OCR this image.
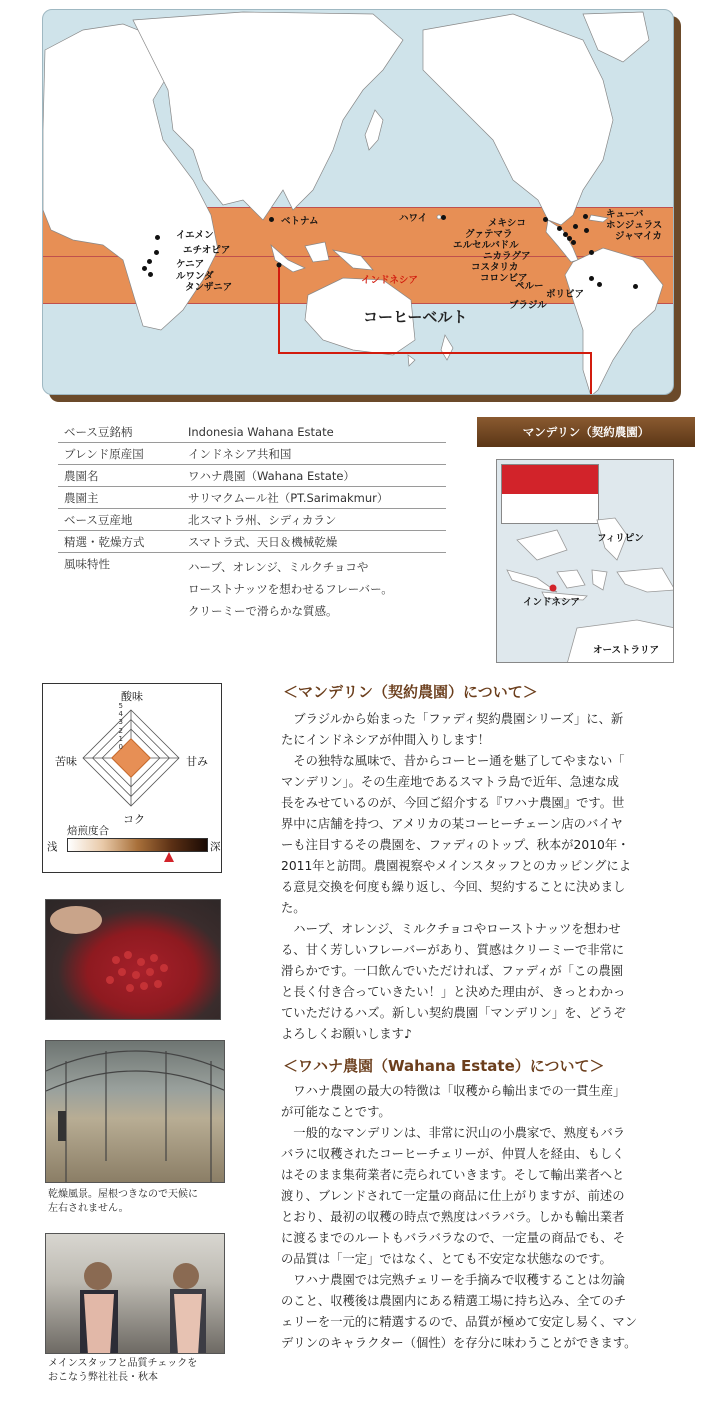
イエメン
エチオピア
ケニア
ルワンダ
タンザニア
ベトナム
インドネシア
ハワイ	メキシコ
グァテマラ
エルセルバドル
ニカラグア
コスタリカ
コロンビア
キューバ
ホンジュラス
ジャマイカ
ペルー
ボリビア
ブラジル
コーヒーベルト
マンデリン（契約農園）
ベース豆銘柄	Indonesia Wahana Estate
ブレンド原産国	インドネシア共和国
農園名	ワハナ農園（Wahana Estate）
農園主	サリマクムール社（PT.Sarimakmur）
ベース豆産地	北スマトラ州、シディカラン
精選・乾燥方式	スマトラ式、天日＆機械乾燥
風味特性	ハーブ、オレンジ、ミルクチョコや
ローストナッツを想わせるフレーバー。
クリーミーで滑らかな質感。
フィリピン
インドネシア
オーストラリア
酸味
甘み
コク
苦味
5
4
3
2
1
0
焙煎度合
浅	深
乾燥風景。屋根つきなので天候に
左右されません。
メインスタッフと品質チェックを
おこなう弊社社長・秋本
＜マンデリン（契約農園）について＞
ブラジルから始まった「ファディ契約農園シリーズ」に、新
たにインドネシアが仲間入りします！
その独特な風味で、昔からコーヒー通を魅了してやまない「
マンデリン」。その生産地であるスマトラ島で近年、急速な成
長をみせているのが、今回ご紹介する『ワハナ農園』です。世
界中に店舗を持つ、アメリカの某コーヒーチェーン店のバイヤ
ーも注目するその農園を、ファディのトップ、秋本が2010年・
2011年と訪問。農園視察やメインスタッフとのカッピングによ
る意見交換を何度も繰り返し、今回、契約することに決めまし
た。
ハーブ、オレンジ、ミルクチョコやローストナッツを想わせ
る、甘く芳しいフレーバーがあり、質感はクリーミーで非常に
滑らかです。一口飲んでいただければ、ファディが「この農園
と長く付き合っていきたい！」と決めた理由が、きっとわかっ
ていただけるハズ。新しい契約農園「マンデリン」を、どうぞ
よろしくお願いします♪
＜ワハナ農園（Wahana Estate）について＞
ワハナ農園の最大の特徴は「収穫から輸出までの一貫生産」
が可能なことです。
一般的なマンデリンは、非常に沢山の小農家で、熟度もバラ
バラに収穫されたコーヒーチェリーが、仲買人を経由、もしく
はそのまま集荷業者に売られていきます。そして輸出業者へと
渡り、ブレンドされて一定量の商品に仕上がりますが、前述の
とおり、最初の収穫の時点で熟度はバラバラ。しかも輸出業者
に渡るまでのルートもバラバラなので、一定量の商品でも、そ
の品質は「一定」ではなく、とても不安定な状態なのです。
ワハナ農園では完熟チェリーを手摘みで収穫することは勿論
のこと、収穫後は農園内にある精選工場に持ち込み、全てのチ
ェリーを一元的に精選するので、品質が極めて安定し易く、マン
デリンのキャラクター（個性）を存分に味わうことができます。
